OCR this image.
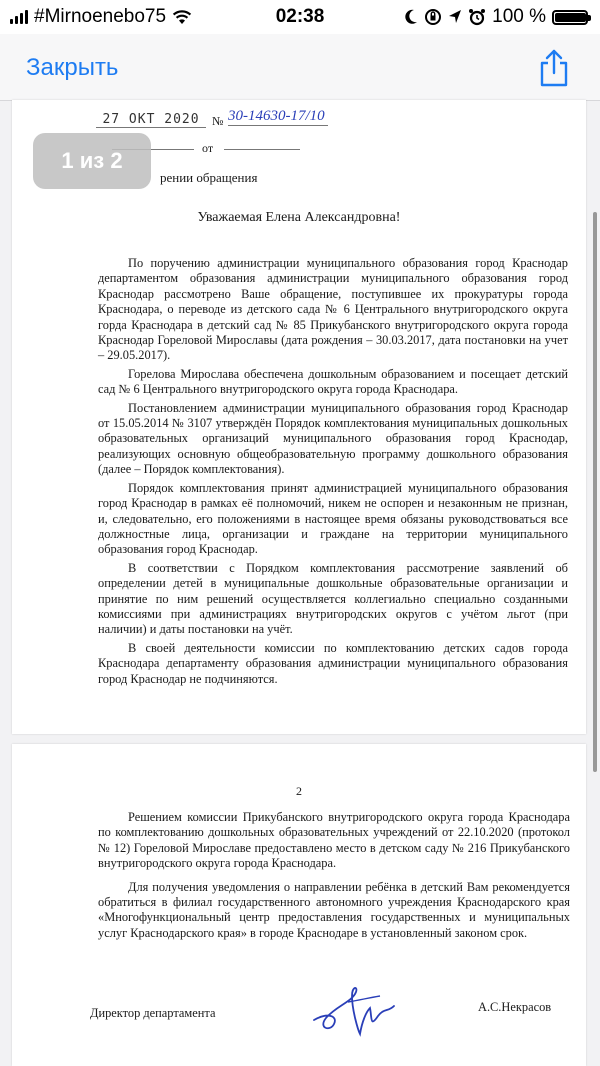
#Mirnoenebo75	02:38	100 %
Закрыть
27 ОКТ 2020	№ 30-14630-17/10
от
рении обращения
Уважаемая Елена Александровна!

По поручению администрации муниципального образования город Краснодар департаментом образования администрации муниципального образования город Краснодар рассмотрено Ваше обращение, поступившее их прокуратуры города Краснодара, о переводе из детского сада № 6 Центрального внутригородского округа горда Краснодара в детский сад № 85 Прикубанского внутригородского округа города Краснодар Гореловой Мирославы (дата рождения – 30.03.2017, дата постановки на учет – 29.05.2017).

Горелова Мирослава обеспечена дошкольным образованием и посещает детский сад № 6 Центрального внутригородского округа города Краснодара.

Постановлением администрации муниципального образования город Краснодар от 15.05.2014 № 3107 утверждён Порядок комплектования муниципальных дошкольных образовательных организаций муниципального образования город Краснодар, реализующих основную общеобразовательную программу дошкольного образования (далее – Порядок комплектования).

Порядок комплектования принят администрацией муниципального образования город Краснодар в рамках её полномочий, никем не оспорен и незаконным не признан, и, следовательно, его положениями в настоящее время обязаны руководствоваться все должностные лица, организации и граждане на территории муниципального образования город Краснодар.

В соответствии с Порядком комплектования рассмотрение заявлений об определении детей в муниципальные дошкольные образовательные организации и принятие по ним решений осуществляется коллегиально специально созданными комиссиями при администрациях внутригородских округов с учётом льгот (при наличии) и даты постановки на учёт.

В своей деятельности комиссии по комплектованию детских садов города Краснодара департаменту образования администрации муниципального образования город Краснодар не подчиняются.

2

Решением комиссии Прикубанского внутригородского округа города Краснодара по комплектованию дошкольных образовательных учреждений от 22.10.2020 (протокол № 12) Гореловой Мирославе предоставлено место в детском саду № 216 Прикубанского внутригородского округа города Краснодара.

Для получения уведомления о направлении ребёнка в детский Вам рекомендуется обратиться в филиал государственного автономного учреждения Краснодарского края «Многофункциональный центр предоставления государственных и муниципальных услуг Краснодарского края» в городе Краснодаре в установленный законом срок.

Директор департамента	А.С.Некрасов
1 из 2
